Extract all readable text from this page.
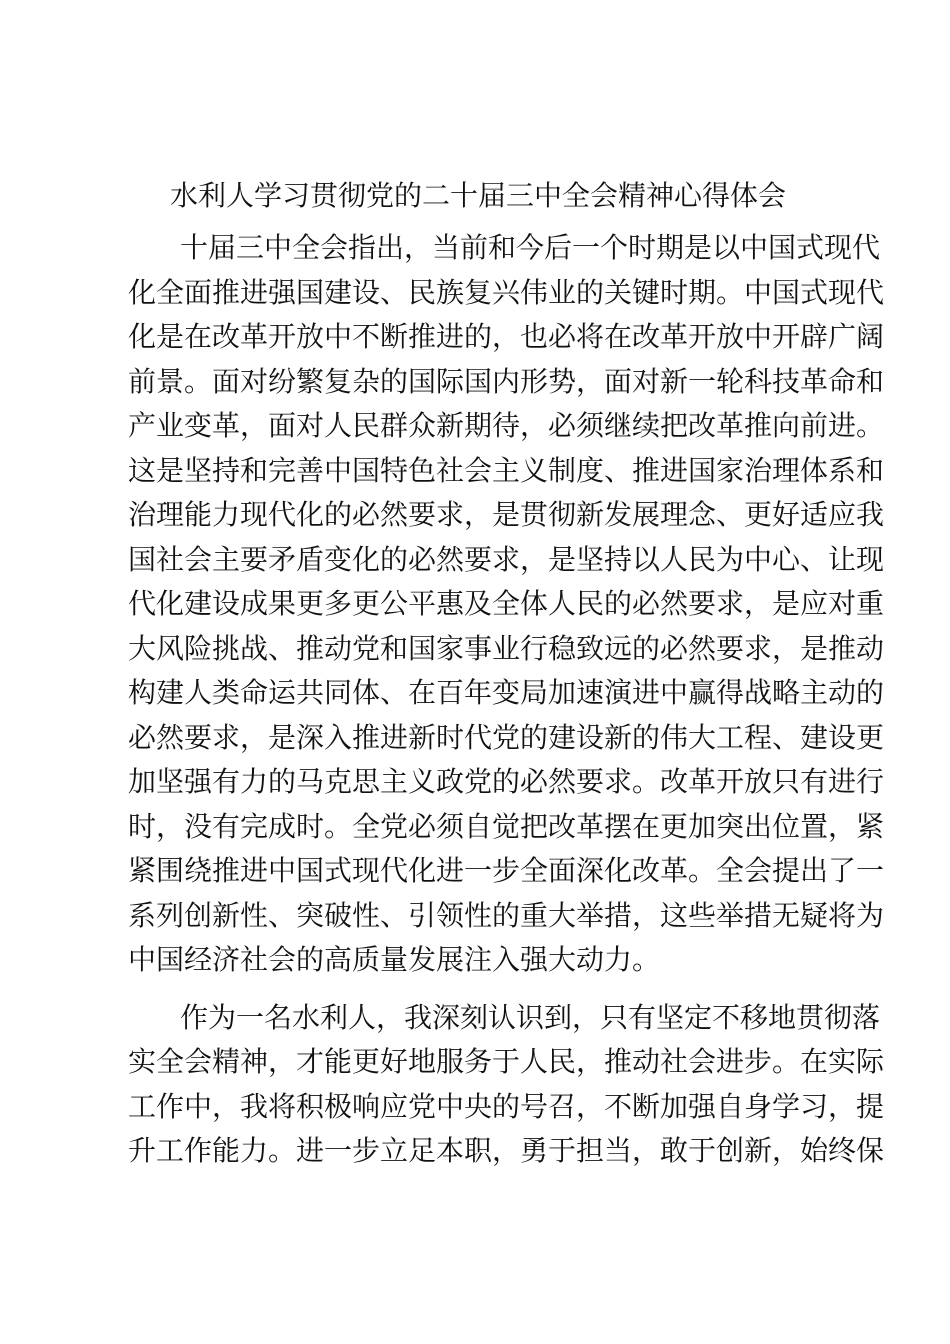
水利人学习贯彻党的二十届三中全会精神心得体会
十届三中全会指出，当前和今后一个时期是以中国式现代
化全面推进强国建设、民族复兴伟业的关键时期。中国式现代
化是在改革开放中不断推进的，也必将在改革开放中开辟广阔
前景。面对纷繁复杂的国际国内形势，面对新一轮科技革命和
产业变革，面对人民群众新期待，必须继续把改革推向前进。
这是坚持和完善中国特色社会主义制度、推进国家治理体系和
治理能力现代化的必然要求，是贯彻新发展理念、更好适应我
国社会主要矛盾变化的必然要求，是坚持以人民为中心、让现
代化建设成果更多更公平惠及全体人民的必然要求，是应对重
大风险挑战、推动党和国家事业行稳致远的必然要求，是推动
构建人类命运共同体、在百年变局加速演进中赢得战略主动的
必然要求，是深入推进新时代党的建设新的伟大工程、建设更
加坚强有力的马克思主义政党的必然要求。改革开放只有进行
时，没有完成时。全党必须自觉把改革摆在更加突出位置，紧
紧围绕推进中国式现代化进一步全面深化改革。全会提出了一
系列创新性、突破性、引领性的重大举措，这些举措无疑将为
中国经济社会的高质量发展注入强大动力。
作为一名水利人，我深刻认识到，只有坚定不移地贯彻落
实全会精神，才能更好地服务于人民，推动社会进步。在实际
工作中，我将积极响应党中央的号召，不断加强自身学习，提
升工作能力。进一步立足本职，勇于担当，敢于创新，始终保
